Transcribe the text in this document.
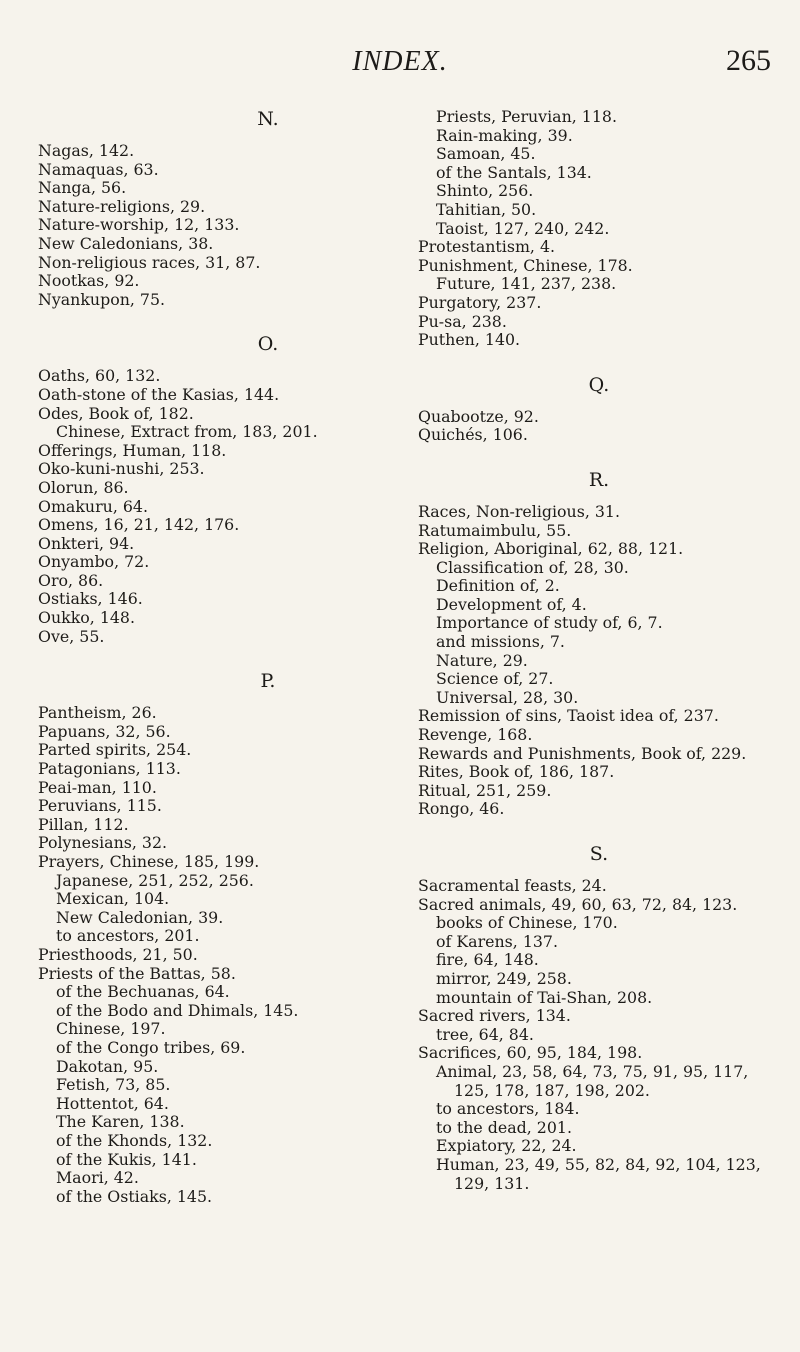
INDEX.	265
N.
Nagas, 142.
Namaquas, 63.
Nanga, 56.
Nature-religions, 29.
Nature-worship, 12, 133.
New Caledonians, 38.
Non-religious races, 31, 87.
Nootkas, 92.
Nyankupon, 75.
O.
Oaths, 60, 132.
Oath-stone of the Kasias, 144.
Odes, Book of, 182.
Chinese, Extract from, 183, 201.
Offerings, Human, 118.
Oko-kuni-nushi, 253.
Olorun, 86.
Omakuru, 64.
Omens, 16, 21, 142, 176.
Onkteri, 94.
Onyambo, 72.
Oro, 86.
Ostiaks, 146.
Oukko, 148.
Ove, 55.
P.
Pantheism, 26.
Papuans, 32, 56.
Parted spirits, 254.
Patagonians, 113.
Peai-man, 110.
Peruvians, 115.
Pillan, 112.
Polynesians, 32.
Prayers, Chinese, 185, 199.
Japanese, 251, 252, 256.
Mexican, 104.
New Caledonian, 39.
to ancestors, 201.
Priesthoods, 21, 50.
Priests of the Battas, 58.
of the Bechuanas, 64.
of the Bodo and Dhimals, 145.
Chinese, 197.
of the Congo tribes, 69.
Dakotan, 95.
Fetish, 73, 85.
Hottentot, 64.
The Karen, 138.
of the Khonds, 132.
of the Kukis, 141.
Maori, 42.
of the Ostiaks, 145.
Priests, Peruvian, 118.
Rain-making, 39.
Samoan, 45.
of the Santals, 134.
Shinto, 256.
Tahitian, 50.
Taoist, 127, 240, 242.
Protestantism, 4.
Punishment, Chinese, 178.
Future, 141, 237, 238.
Purgatory, 237.
Pu-sa, 238.
Puthen, 140.
Q.
Quabootze, 92.
Quichés, 106.
R.
Races, Non-religious, 31.
Ratumaimbulu, 55.
Religion, Aboriginal, 62, 88, 121.
Classification of, 28, 30.
Definition of, 2.
Development of, 4.
Importance of study of, 6, 7.
and missions, 7.
Nature, 29.
Science of, 27.
Universal, 28, 30.
Remission of sins, Taoist idea of, 237.
Revenge, 168.
Rewards and Punishments, Book of, 229.
Rites, Book of, 186, 187.
Ritual, 251, 259.
Rongo, 46.
S.
Sacramental feasts, 24.
Sacred animals, 49, 60, 63, 72, 84, 123.
books of Chinese, 170.
of Karens, 137.
fire, 64, 148.
mirror, 249, 258.
mountain of Tai-Shan, 208.
Sacred rivers, 134.
tree, 64, 84.
Sacrifices, 60, 95, 184, 198.
Animal, 23, 58, 64, 73, 75, 91, 95, 117, 125, 178, 187, 198, 202.
to ancestors, 184.
to the dead, 201.
Expiatory, 22, 24.
Human, 23, 49, 55, 82, 84, 92, 104, 123, 129, 131.
